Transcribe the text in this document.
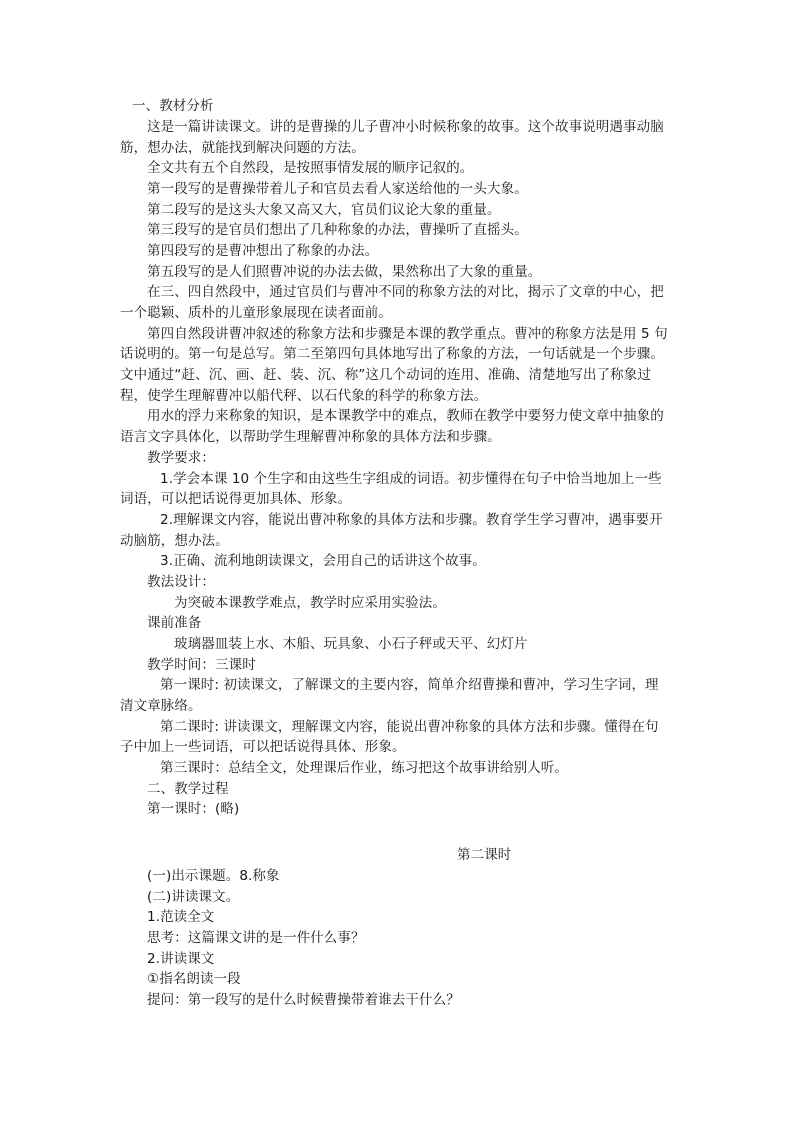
一、教材分析
这是一篇讲读课文。讲的是曹操的儿子曹冲小时候称象的故事。这个故事说明遇事动脑
筋，想办法，就能找到解决问题的方法。
全文共有五个自然段，是按照事情发展的顺序记叙的。
第一段写的是曹操带着儿子和官员去看人家送给他的一头大象。
第二段写的是这头大象又高又大，官员们议论大象的重量。
第三段写的是官员们想出了几种称象的办法，曹操听了直摇头。
第四段写的是曹冲想出了称象的办法。
第五段写的是人们照曹冲说的办法去做，果然称出了大象的重量。
在三、四自然段中，通过官员们与曹冲不同的称象方法的对比，揭示了文章的中心，把
一个聪颖、质朴的儿童形象展现在读者面前。
第四自然段讲曹冲叙述的称象方法和步骤是本课的教学重点。曹冲的称象方法是用 5 句
话说明的。第一句是总写。第二至第四句具体地写出了称象的方法，一句话就是一个步骤。
文中通过“赶、沉、画、赶、装、沉、称”这几个动词的连用、准确、清楚地写出了称象过
程，使学生理解曹冲以船代秤、以石代象的科学的称象方法。
用水的浮力来称象的知识，是本课教学中的难点，教师在教学中要努力使文章中抽象的
语言文字具体化，以帮助学生理解曹冲称象的具体方法和步骤。
教学要求：
1.学会本课 10 个生字和由这些生字组成的词语。初步懂得在句子中恰当地加上一些
词语，可以把话说得更加具体、形象。
2.理解课文内容，能说出曹冲称象的具体方法和步骤。教育学生学习曹冲，遇事要开
动脑筋，想办法。
3.正确、流利地朗读课文，会用自己的话讲这个故事。
教法设计：
为突破本课教学难点，教学时应采用实验法。
课前准备
玻璃器皿装上水、木船、玩具象、小石子秤或天平、幻灯片
教学时间：三课时
第一课时: 初读课文，了解课文的主要内容，简单介绍曹操和曹冲，学习生字词，理
清文章脉络。
第二课时: 讲读课文，理解课文内容，能说出曹冲称象的具体方法和步骤。懂得在句
子中加上一些词语，可以把话说得具体、形象。
第三课时：总结全文，处理课后作业，练习把这个故事讲给别人听。
二、教学过程
第一课时：(略)
第二课时
(一)出示课题。8.称象
(二)讲读课文。
1.范读全文
思考：这篇课文讲的是一件什么事？
2.讲读课文
①指名朗读一段
提问：第一段写的是什么时候曹操带着谁去干什么？
